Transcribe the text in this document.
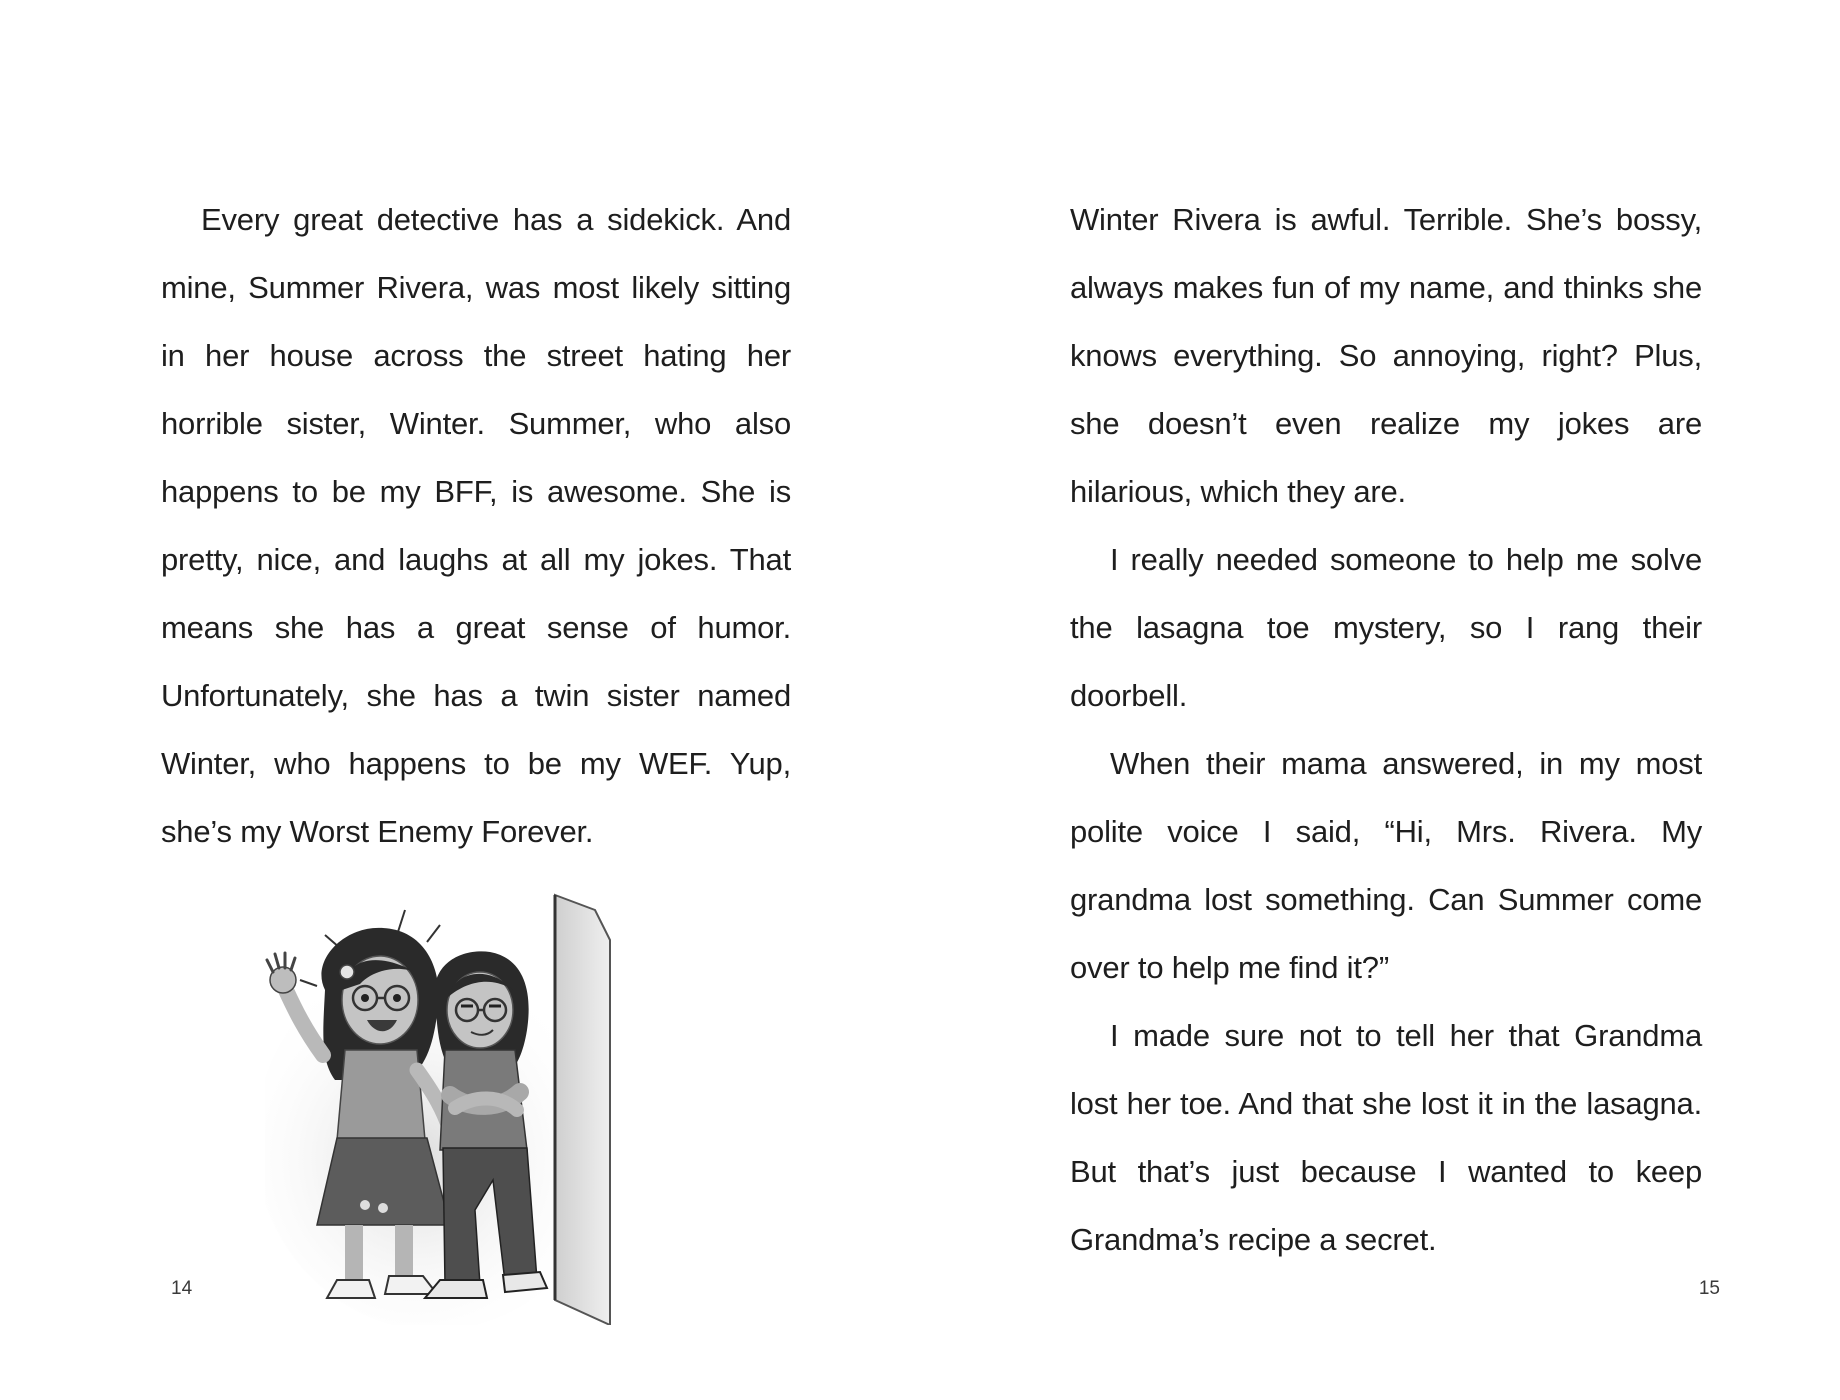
Every great detective has a sidekick. And mine, Summer Rivera, was most likely sitting in her house across the street hating her horrible sister, Winter. Summer, who also happens to be my BFF, is awesome. She is pretty, nice, and laughs at all my jokes. That means she has a great sense of humor. Unfortunately, she has a twin sister named Winter, who happens to be my WEF. Yup, she’s my Worst Enemy Forever.

14

Winter Rivera is awful. Terrible. She’s bossy, always makes fun of my name, and thinks she knows everything. So annoying, right? Plus, she doesn’t even realize my jokes are hilarious, which they are.

I really needed someone to help me solve the lasagna toe mystery, so I rang their doorbell.

When their mama answered, in my most polite voice I said, “Hi, Mrs. Rivera. My grandma lost something. Can Summer come over to help me find it?”

I made sure not to tell her that Grandma lost her toe. And that she lost it in the lasagna. But that’s just because I wanted to keep Grandma’s recipe a secret.

15
